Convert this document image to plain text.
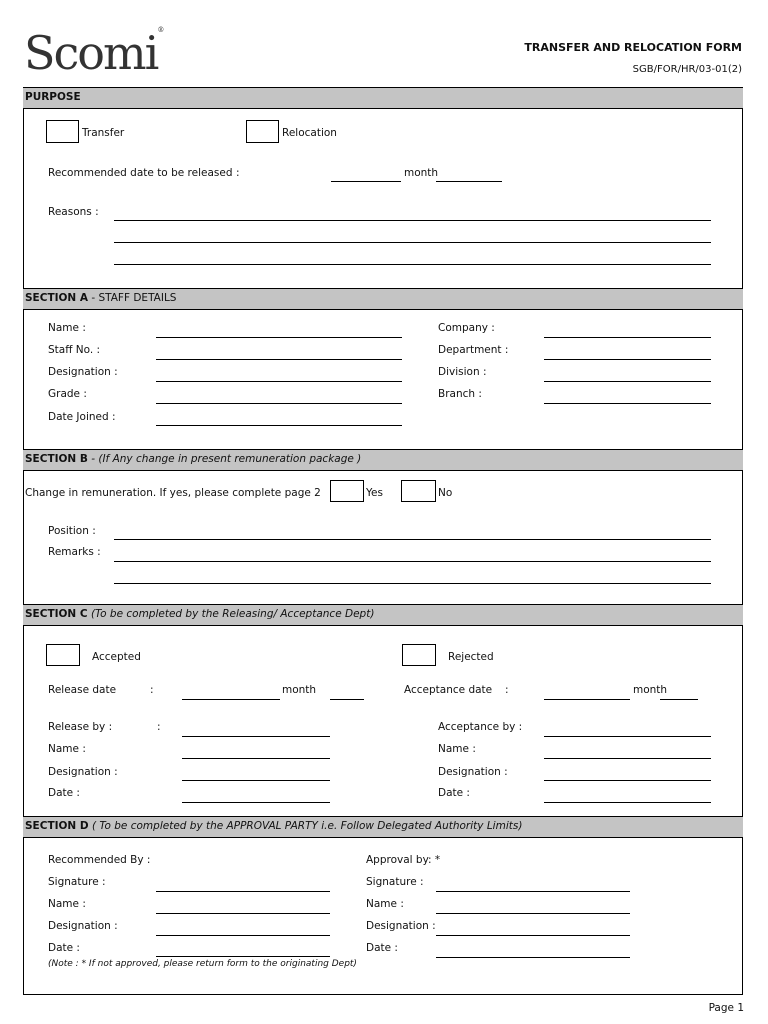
Scomi®
TRANSFER AND RELOCATION FORM
SGB/FOR/HR/03-01(2)
PURPOSE
Transfer	Relocation
Recommended date to be released :	month
Reasons :
SECTION A - STAFF DETAILS
Name :
Staff No. :
Designation :
Grade :
Date Joined :
Company :
Department :
Division :
Branch :
SECTION B - (If Any change in present remuneration package )
Change in remuneration. If yes, please complete page 2	Yes	No
Position :
Remarks :
SECTION C (To be completed by the Releasing/ Acceptance Dept)
Accepted	Rejected
Release date	:	month	Acceptance date :	month
Release by :	:
Name :
Designation :
Date :
Acceptance by :
Name :
Designation :
Date :
SECTION D ( To be completed by the APPROVAL PARTY i.e. Follow Delegated Authority Limits)
Recommended By :
Signature :
Name :
Designation :
Date :
(Note : * If not approved, please return form to the originating Dept)
Approval by: *
Signature :
Name :
Designation :
Date :
Page 1
